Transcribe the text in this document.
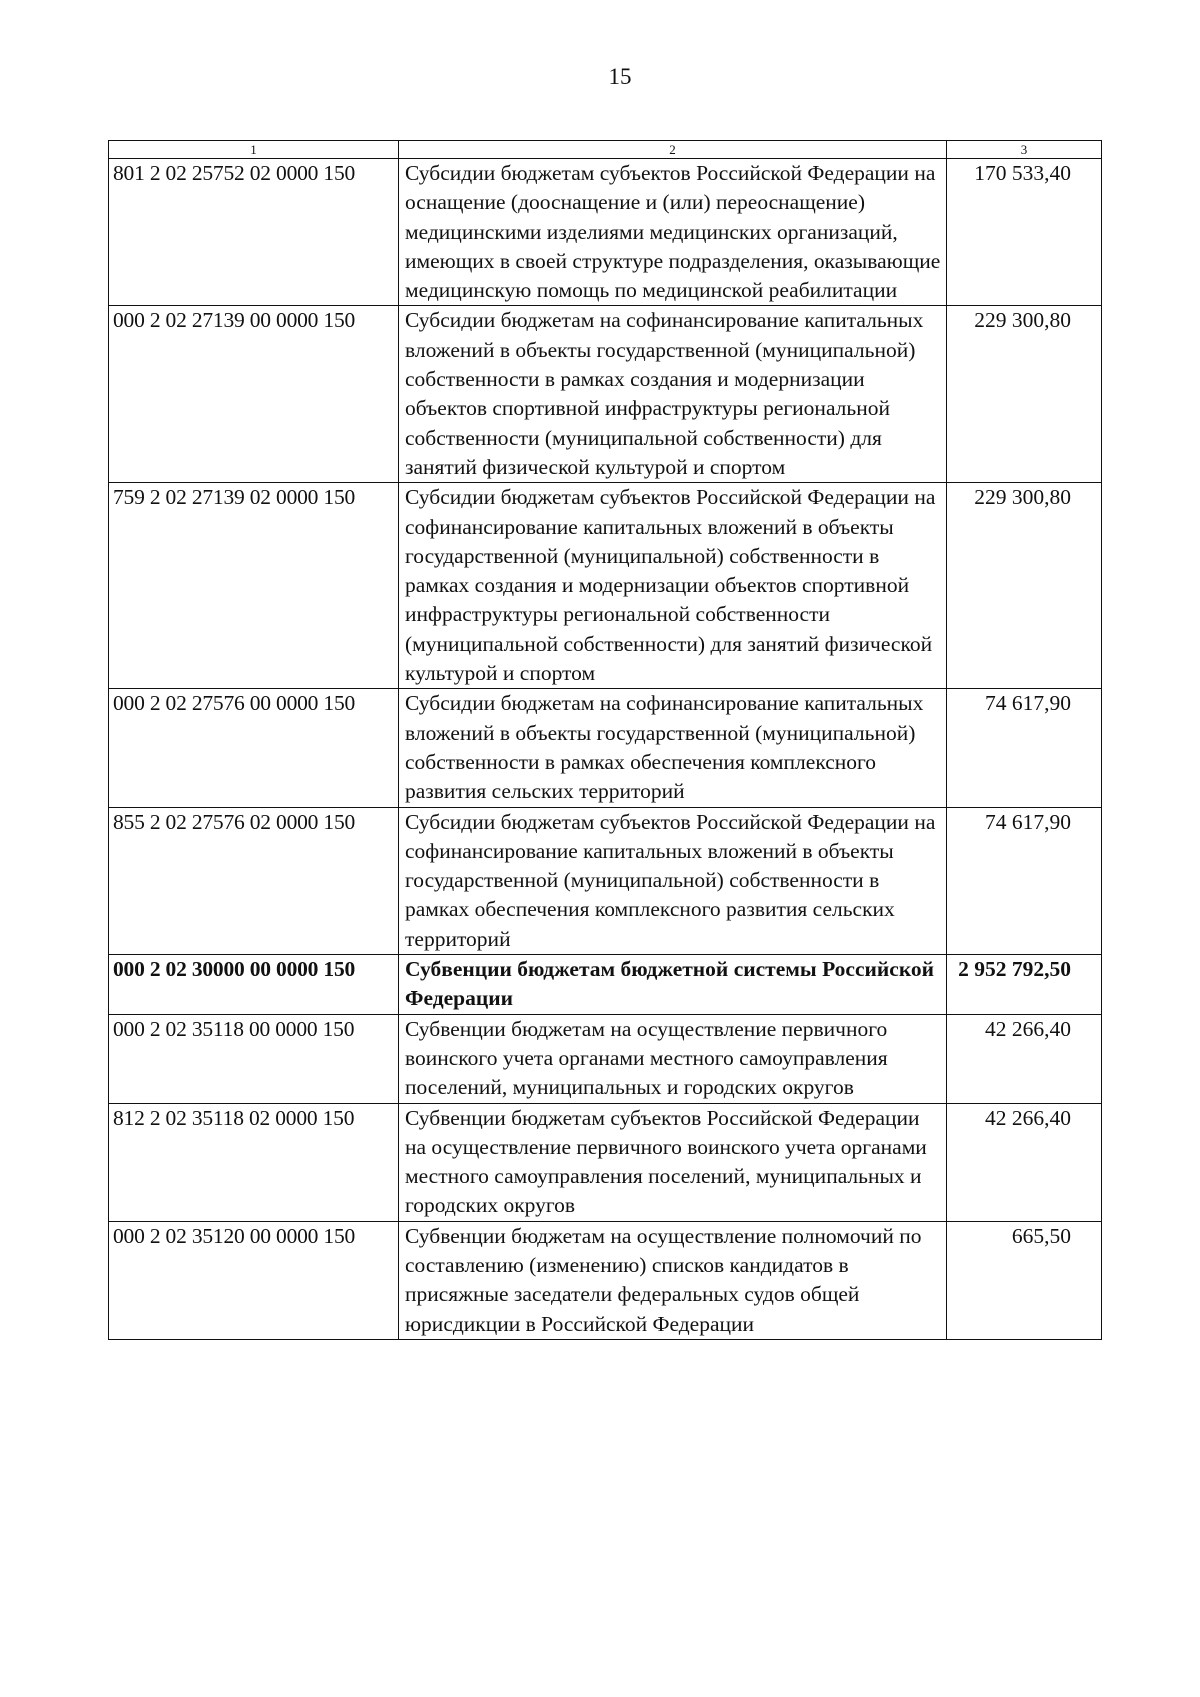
15
1	2	3
801 2 02 25752 02 0000 150	Субсидии бюджетам субъектов Российской Федерации на оснащение (дооснащение и (или) переоснащение) медицинскими изделиями медицинских организаций, имеющих в своей структуре подразделения, оказывающие медицинскую помощь по медицинской реабилитации	170 533,40
000 2 02 27139 00 0000 150	Субсидии бюджетам на софинансирование капитальных вложений в объекты государственной (муниципальной) собственности в рамках создания и модернизации объектов спортивной инфраструктуры региональной собственности (муниципальной собственности) для занятий физической культурой и спортом	229 300,80
759 2 02 27139 02 0000 150	Субсидии бюджетам субъектов Российской Федерации на софинансирование капитальных вложений в объекты государственной (муниципальной) собственности в рамках создания и модернизации объектов спортивной инфраструктуры региональной собственности (муниципальной собственности) для занятий физической культурой и спортом	229 300,80
000 2 02 27576 00 0000 150	Субсидии бюджетам на софинансирование капитальных вложений в объекты государственной (муниципальной) собственности в рамках обеспечения комплексного развития сельских территорий	74 617,90
855 2 02 27576 02 0000 150	Субсидии бюджетам субъектов Российской Федерации на софинансирование капитальных вложений в объекты государственной (муниципальной) собственности в рамках обеспечения комплексного развития сельских территорий	74 617,90
000 2 02 30000 00 0000 150	Субвенции бюджетам бюджетной системы Российской Федерации	2 952 792,50
000 2 02 35118 00 0000 150	Субвенции бюджетам на осуществление первичного воинского учета органами местного самоуправления поселений, муниципальных и городских округов	42 266,40
812 2 02 35118 02 0000 150	Субвенции бюджетам субъектов Российской Федерации на осуществление первичного воинского учета органами местного самоуправления поселений, муниципальных и городских округов	42 266,40
000 2 02 35120 00 0000 150	Субвенции бюджетам на осуществление полномочий по составлению (изменению) списков кандидатов в присяжные заседатели федеральных судов общей юрисдикции в Российской Федерации	665,50
